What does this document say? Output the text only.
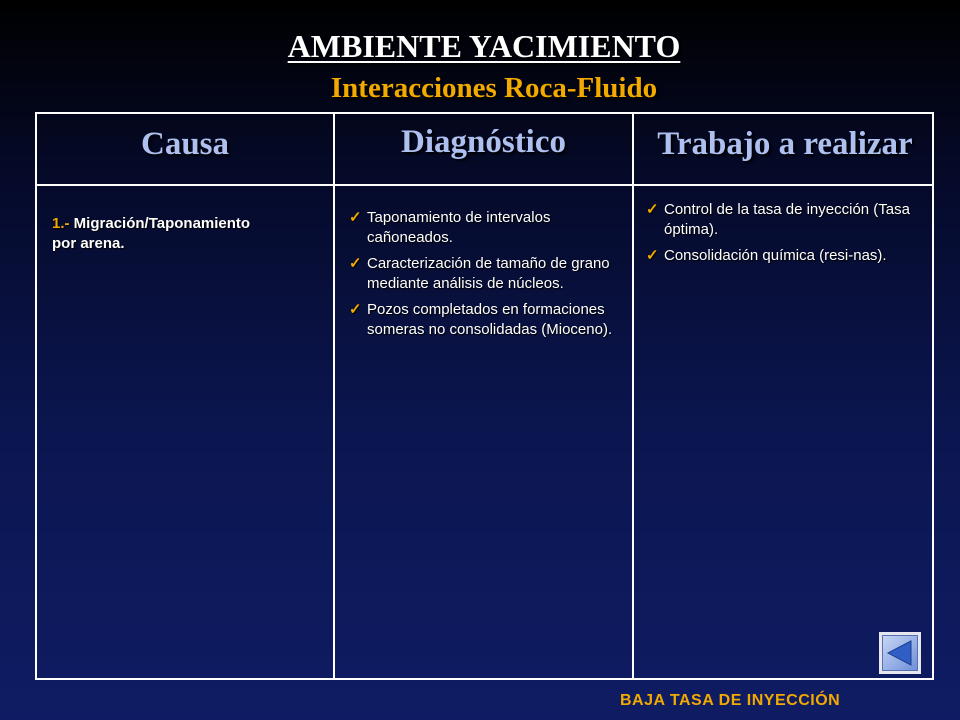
AMBIENTE YACIMIENTO
Interacciones Roca-Fluido
Causa	Diagnóstico	Trabajo a realizar
1.- Migración/Taponamiento
por arena.
✓ Taponamiento de intervalos cañoneados.
✓ Caracterización de tamaño de grano mediante análisis de núcleos.
✓ Pozos completados en formaciones someras no consolidadas (Mioceno).
✓ Control de la tasa de inyección (Tasa óptima).
✓ Consolidación química (resi-nas).
BAJA TASA DE INYECCIÓN
